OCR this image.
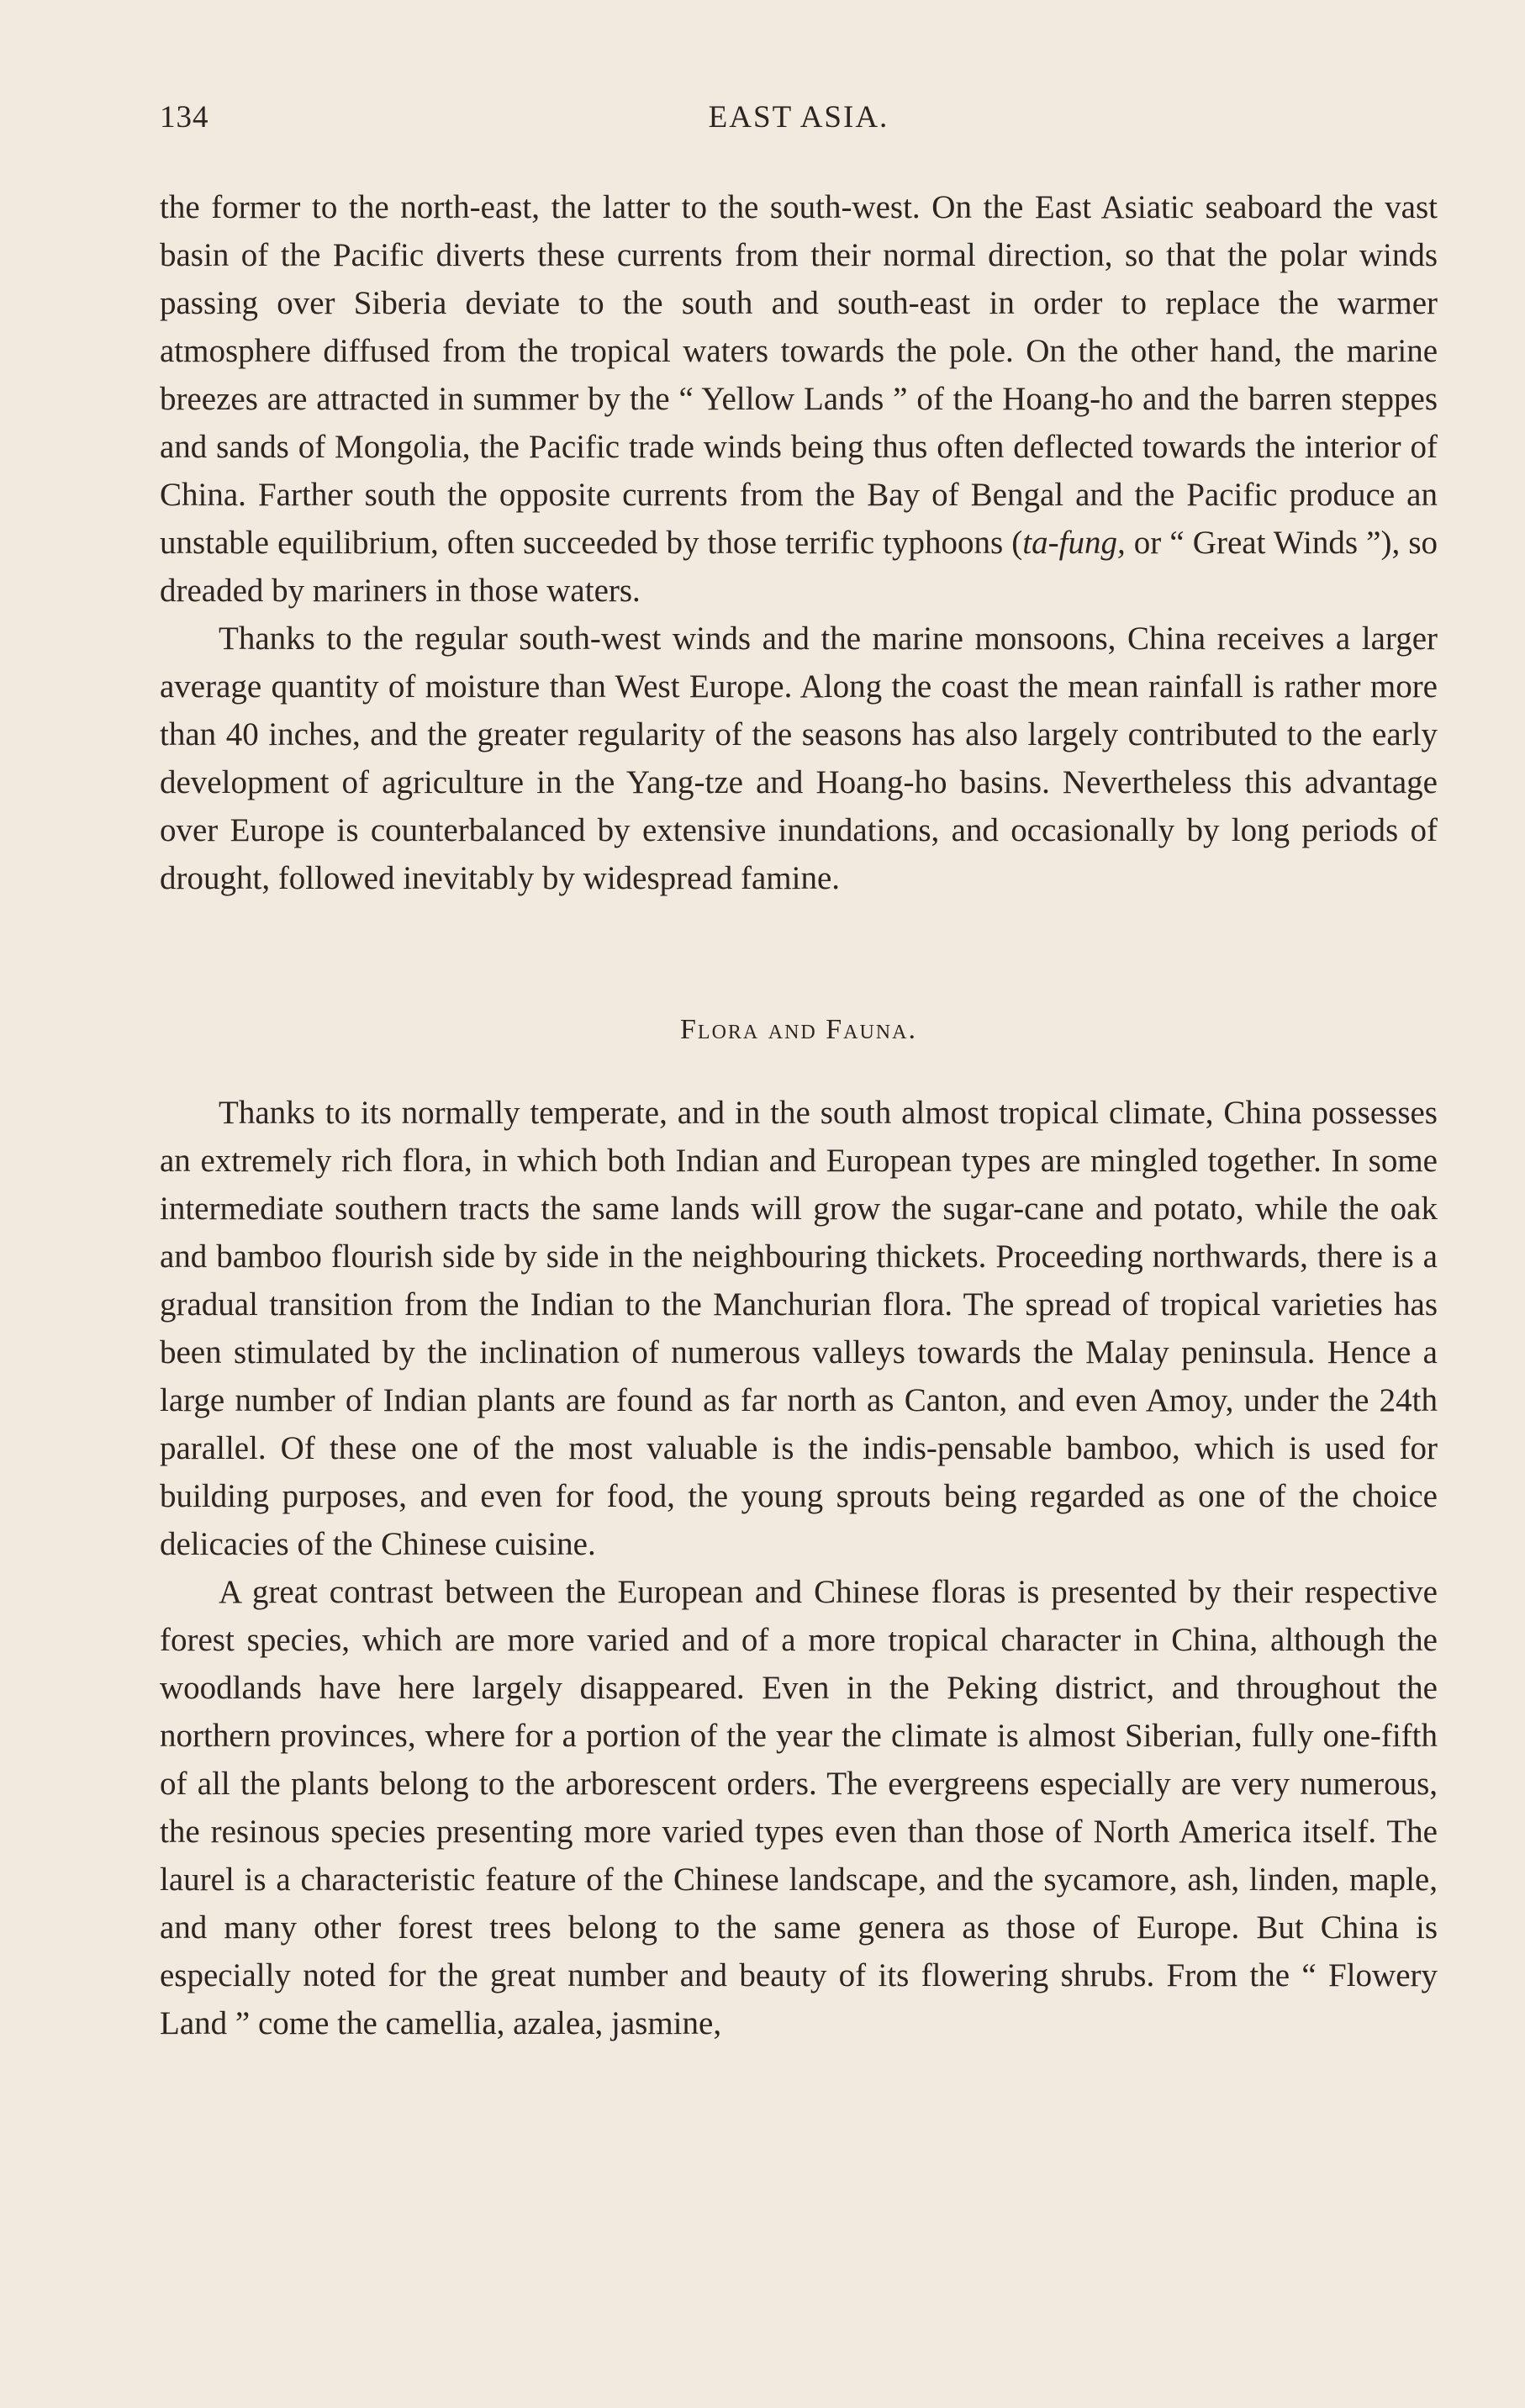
134	EAST ASIA.

the former to the north-east, the latter to the south-west. On the East Asiatic seaboard the vast basin of the Pacific diverts these currents from their normal direction, so that the polar winds passing over Siberia deviate to the south and south-east in order to replace the warmer atmosphere diffused from the tropical waters towards the pole. On the other hand, the marine breezes are attracted in summer by the “ Yellow Lands ” of the Hoang-ho and the barren steppes and sands of Mongolia, the Pacific trade winds being thus often deflected towards the interior of China. Farther south the opposite currents from the Bay of Bengal and the Pacific produce an unstable equilibrium, often succeeded by those terrific typhoons (ta-fung, or “ Great Winds ”), so dreaded by mariners in those waters.

Thanks to the regular south-west winds and the marine monsoons, China receives a larger average quantity of moisture than West Europe. Along the coast the mean rainfall is rather more than 40 inches, and the greater regularity of the seasons has also largely contributed to the early development of agriculture in the Yang-tze and Hoang-ho basins. Nevertheless this advantage over Europe is counterbalanced by extensive inundations, and occasionally by long periods of drought, followed inevitably by widespread famine.

Flora and Fauna.

Thanks to its normally temperate, and in the south almost tropical climate, China possesses an extremely rich flora, in which both Indian and European types are mingled together. In some intermediate southern tracts the same lands will grow the sugar-cane and potato, while the oak and bamboo flourish side by side in the neighbouring thickets. Proceeding northwards, there is a gradual transition from the Indian to the Manchurian flora. The spread of tropical varieties has been stimulated by the inclination of numerous valleys towards the Malay peninsula. Hence a large number of Indian plants are found as far north as Canton, and even Amoy, under the 24th parallel. Of these one of the most valuable is the indis-pensable bamboo, which is used for building purposes, and even for food, the young sprouts being regarded as one of the choice delicacies of the Chinese cuisine.

A great contrast between the European and Chinese floras is presented by their respective forest species, which are more varied and of a more tropical character in China, although the woodlands have here largely disappeared. Even in the Peking district, and throughout the northern provinces, where for a portion of the year the climate is almost Siberian, fully one-fifth of all the plants belong to the arborescent orders. The evergreens especially are very numerous, the resinous species presenting more varied types even than those of North America itself. The laurel is a characteristic feature of the Chinese landscape, and the sycamore, ash, linden, maple, and many other forest trees belong to the same genera as those of Europe. But China is especially noted for the great number and beauty of its flowering shrubs. From the “ Flowery Land ” come the camellia, azalea, jasmine,
